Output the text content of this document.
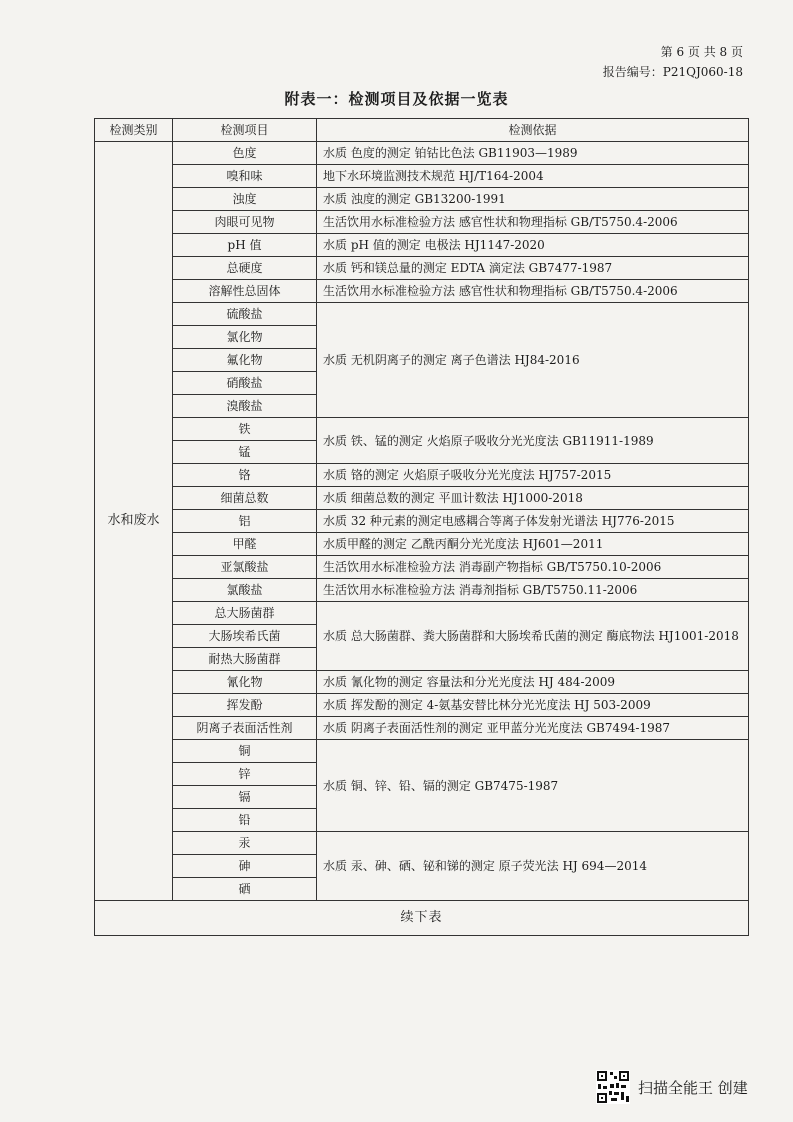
第 6 页 共 8 页
报告编号：P21QJ060-18
附表一：检测项目及依据一览表
检测类别	检测项目	检测依据
水和废水	色度	水质 色度的测定 铂钴比色法 GB11903—1989
	嗅和味	地下水环境监测技术规范 HJ/T164-2004
	浊度	水质 浊度的测定 GB13200-1991
	肉眼可见物	生活饮用水标准检验方法 感官性状和物理指标 GB/T5750.4-2006
	pH 值	水质 pH 值的测定 电极法 HJ1147-2020
	总硬度	水质 钙和镁总量的测定 EDTA 滴定法 GB7477-1987
	溶解性总固体	生活饮用水标准检验方法 感官性状和物理指标 GB/T5750.4-2006
	硫酸盐	水质 无机阴离子的测定 离子色谱法 HJ84-2016
	氯化物	
	氟化物	
	硝酸盐	
	溴酸盐	
	铁	水质 铁、锰的测定 火焰原子吸收分光光度法 GB11911-1989
	锰	
	铬	水质 铬的测定 火焰原子吸收分光光度法 HJ757-2015
	细菌总数	水质 细菌总数的测定 平皿计数法 HJ1000-2018
	铝	水质 32 种元素的测定电感耦合等离子体发射光谱法 HJ776-2015
	甲醛	水质甲醛的测定 乙酰丙酮分光光度法 HJ601—2011
	亚氯酸盐	生活饮用水标准检验方法 消毒副产物指标 GB/T5750.10-2006
	氯酸盐	生活饮用水标准检验方法 消毒剂指标 GB/T5750.11-2006
	总大肠菌群	水质 总大肠菌群、粪大肠菌群和大肠埃希氏菌的测定 酶底物法 HJ1001-2018
	大肠埃希氏菌	
	耐热大肠菌群	
	氰化物	水质 氰化物的测定 容量法和分光光度法 HJ 484-2009
	挥发酚	水质 挥发酚的测定 4-氨基安替比林分光光度法 HJ 503-2009
	阴离子表面活性剂	水质 阴离子表面活性剂的测定 亚甲蓝分光光度法 GB7494-1987
	铜	水质 铜、锌、铅、镉的测定 GB7475-1987
	锌	
	镉	
	铅	
	汞	水质 汞、砷、硒、铋和锑的测定 原子荧光法 HJ 694—2014
	砷	
	硒	
续下表		
扫描全能王 创建
